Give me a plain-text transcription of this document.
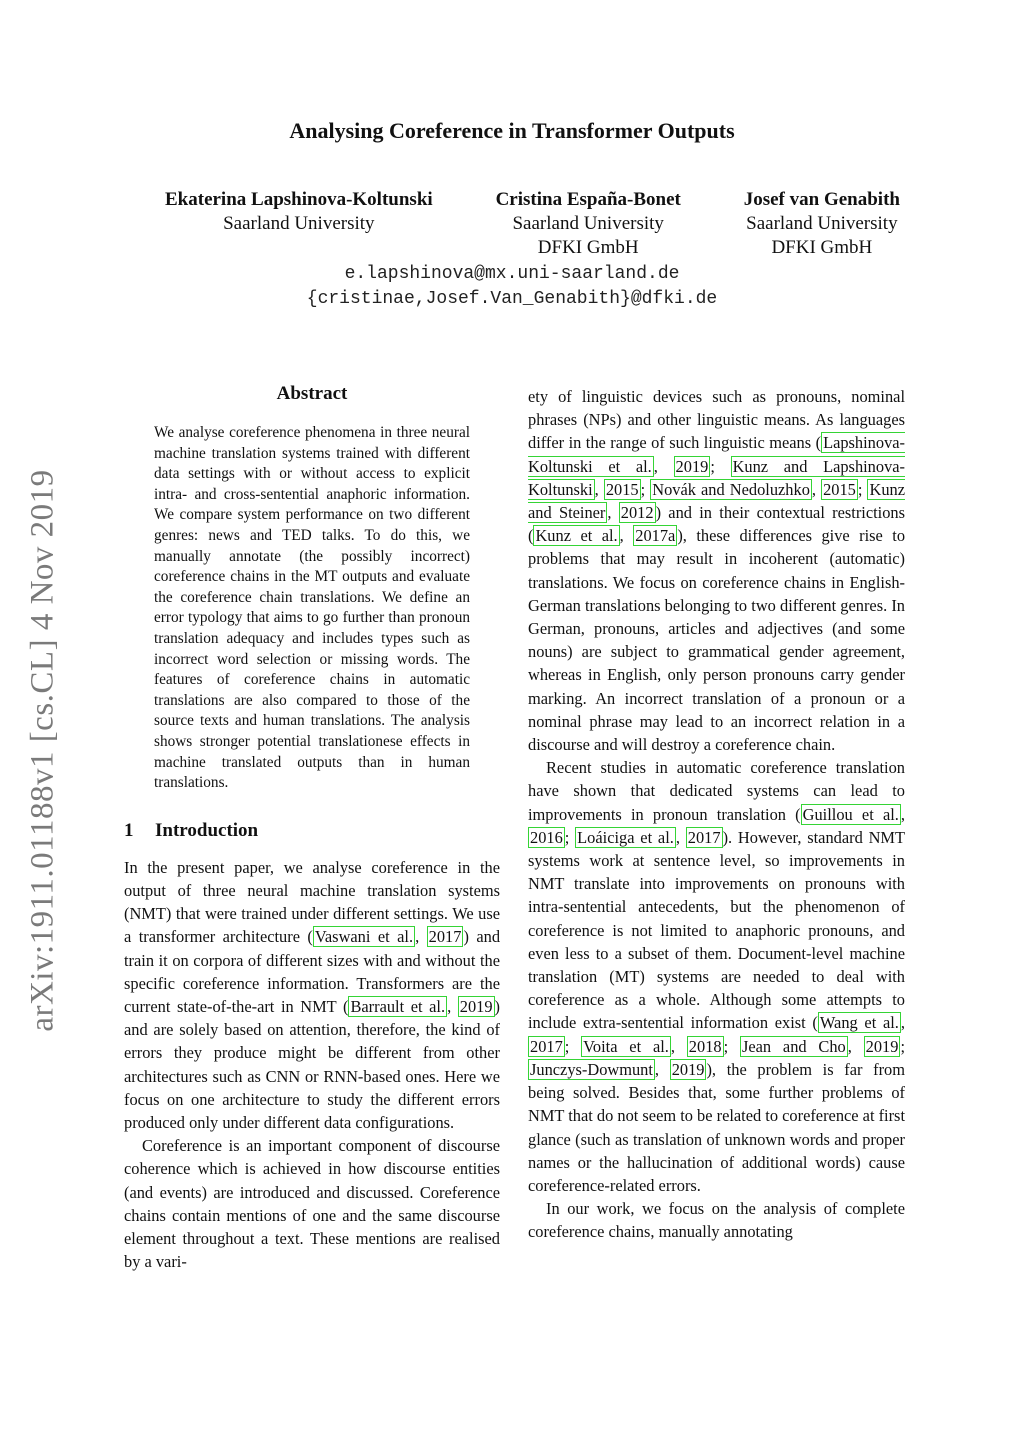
arXiv:1911.01188v1 [cs.CL] 4 Nov 2019
Analysing Coreference in Transformer Outputs
Ekaterina Lapshinova-Koltunski
Saarland University
Cristina España-Bonet
Saarland University
DFKI GmbH
Josef van Genabith
Saarland University
DFKI GmbH
e.lapshinova@mx.uni-saarland.de
{cristinae,Josef.Van_Genabith}@dfki.de
Abstract
We analyse coreference phenomena in three neural machine translation systems trained with different data settings with or without access to explicit intra- and cross-sentential anaphoric information. We compare system performance on two different genres: news and TED talks. To do this, we manually annotate (the possibly incorrect) coreference chains in the MT outputs and evaluate the coreference chain translations. We define an error typology that aims to go further than pronoun translation adequacy and includes types such as incorrect word selection or missing words. The features of coreference chains in automatic translations are also compared to those of the source texts and human translations. The analysis shows stronger potential translationese effects in machine translated outputs than in human translations.
1 Introduction

In the present paper, we analyse coreference in the output of three neural machine translation systems (NMT) that were trained under different settings. We use a transformer architecture ( Vaswani et al. , 2017 ) and train it on corpora of different sizes with and without the specific coreference information. Transformers are the current state-of-the-art in NMT ( Barrault et al. , 2019 ) and are solely based on attention, therefore, the kind of errors they produce might be different from other architectures such as CNN or RNN-based ones. Here we focus on one architecture to study the different errors produced only under different data configurations.

Coreference is an important component of discourse coherence which is achieved in how discourse entities (and events) are introduced and discussed. Coreference chains contain mentions of one and the same discourse element throughout a text. These mentions are realised by a vari-

ety of linguistic devices such as pronouns, nominal phrases (NPs) and other linguistic means. As languages differ in the range of such linguistic means ( Lapshinova-Koltunski et al. , 2019 ; Kunz and Lapshinova-Koltunski , 2015 ; Novák and Nedoluzhko , 2015 ; Kunz and Steiner , 2012 ) and in their contextual restrictions ( Kunz et al. , 2017a ), these differences give rise to problems that may result in incoherent (automatic) translations. We focus on coreference chains in English-German translations belonging to two different genres. In German, pronouns, articles and adjectives (and some nouns) are subject to grammatical gender agreement, whereas in English, only person pronouns carry gender marking. An incorrect translation of a pronoun or a nominal phrase may lead to an incorrect relation in a discourse and will destroy a coreference chain.

Recent studies in automatic coreference translation have shown that dedicated systems can lead to improvements in pronoun translation ( Guillou et al. , 2016 ; Loáiciga et al. , 2017 ). However, standard NMT systems work at sentence level, so improvements in NMT translate into improvements on pronouns with intra-sentential antecedents, but the phenomenon of coreference is not limited to anaphoric pronouns, and even less to a subset of them. Document-level machine translation (MT) systems are needed to deal with coreference as a whole. Although some attempts to include extra-sentential information exist ( Wang et al. , 2017 ; Voita et al. , 2018 ; Jean and Cho , 2019 ; Junczys-Dowmunt , 2019 ), the problem is far from being solved. Besides that, some further problems of NMT that do not seem to be related to coreference at first glance (such as translation of unknown words and proper names or the hallucination of additional words) cause coreference-related errors.

In our work, we focus on the analysis of complete coreference chains, manually annotating
